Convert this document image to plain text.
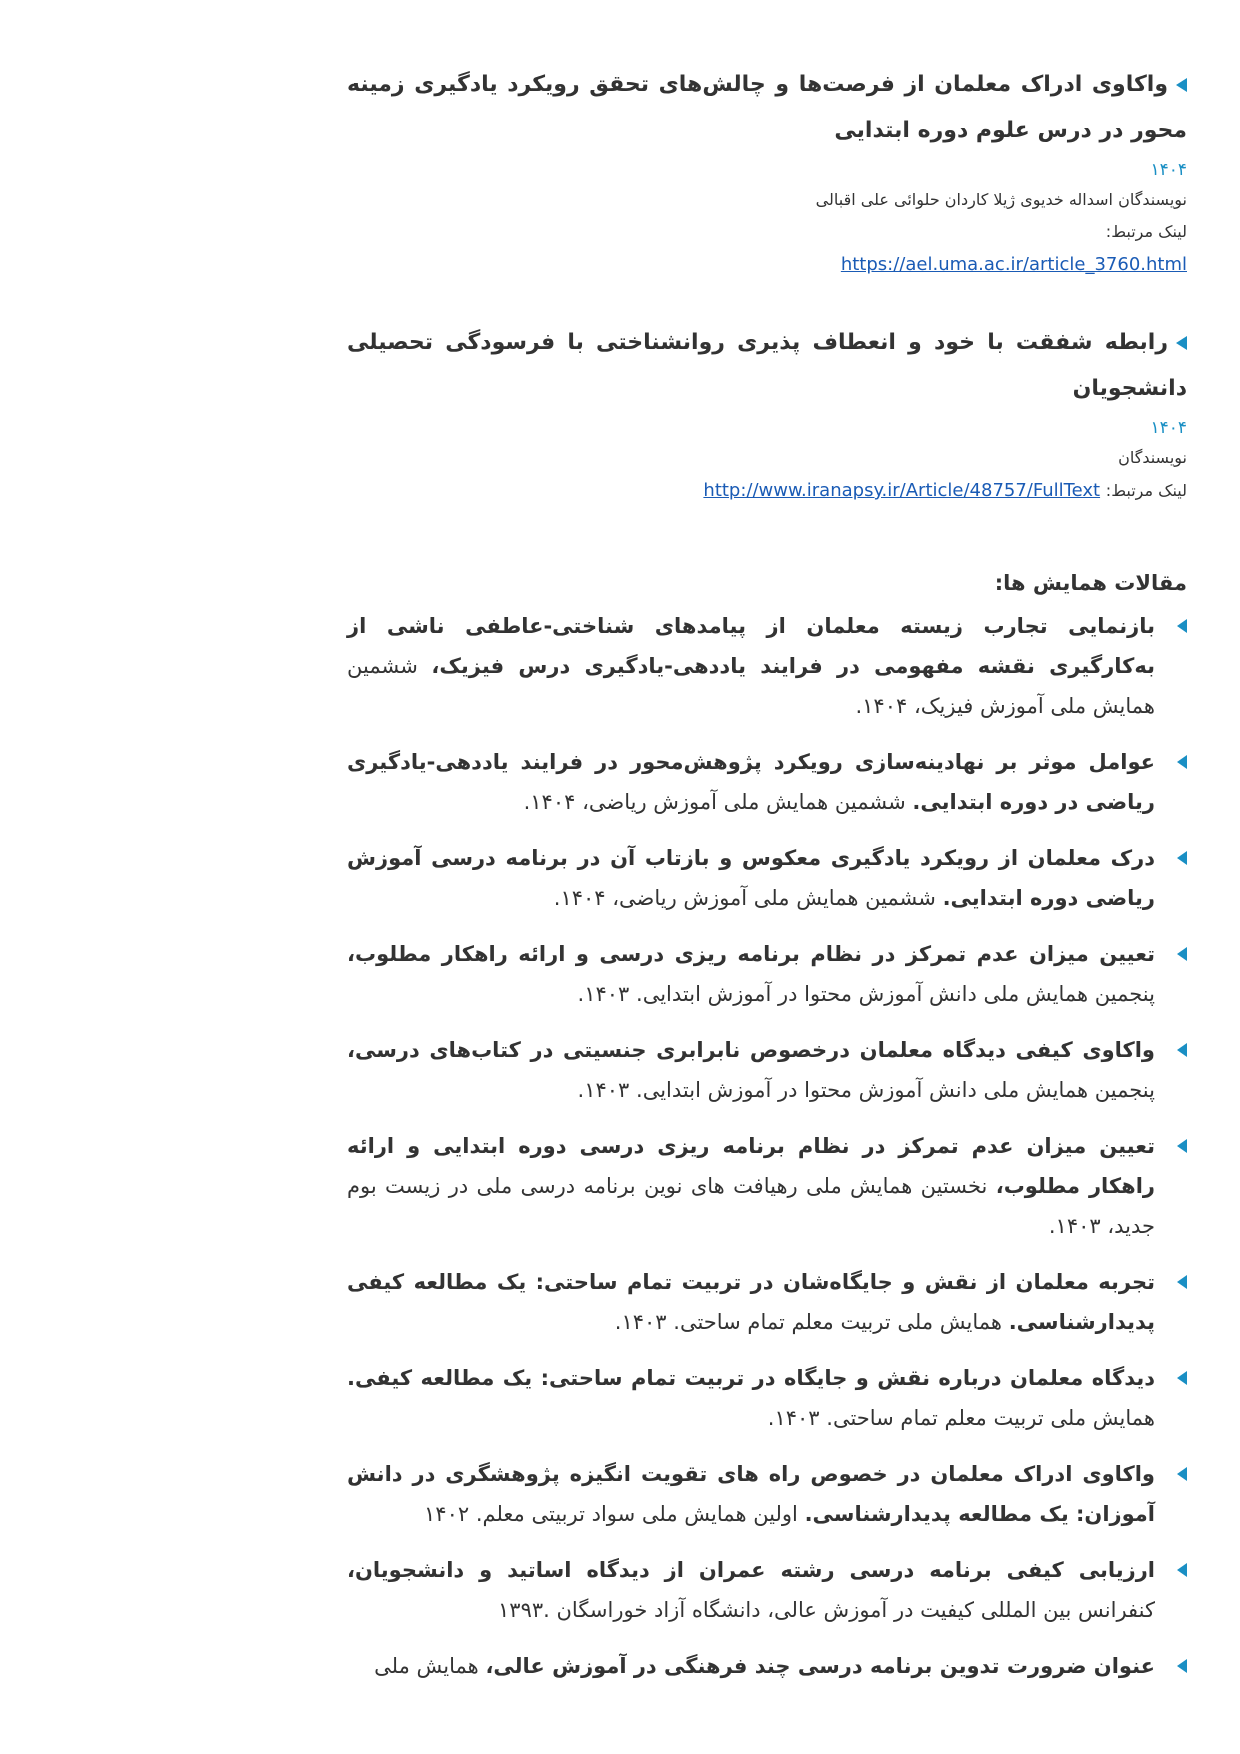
واکاوی ادراک معلمان از فرصت‌ها و چالش‌های تحقق رویکرد یادگیری زمینه محور در درس علوم دوره ابتدایی

۱۴۰۴
نویسندگان اسداله خدیوی ژیلا کاردان حلوائی علی اقبالی
لینک مرتبط:
https://ael.uma.ac.ir/article_3760.html

رابطه شفقت با خود و انعطاف پذیری روانشناختی با فرسودگی تحصیلی دانشجویان

۱۴۰۴
نویسندگان
لینک مرتبط: http://www.iranapsy.ir/Article/48757/FullText
مقالات همایش ها:
بازنمایی تجارب زیسته معلمان از پیامدهای شناختی-عاطفی ناشی از به‌کارگیری نقشه مفهومی در فرایند یاددهی-یادگیری درس فیزیک، ششمین همایش ملی آموزش فیزیک، ۱۴۰۴.
عوامل موثر بر نهادینه‌سازی رویکرد پژوهش‌محور در فرایند یاددهی-یادگیری ریاضی در دوره ابتدایی. ششمین همایش ملی آموزش ریاضی، ۱۴۰۴.
درک معلمان از رویکرد یادگیری معکوس و بازتاب آن در برنامه درسی آموزش ریاضی دوره ابتدایی. ششمین همایش ملی آموزش ریاضی، ۱۴۰۴.
تعیین میزان عدم تمرکز در نظام برنامه ریزی درسی و ارائه راهکار مطلوب، پنجمین همایش ملی دانش آموزش محتوا در آموزش ابتدایی. ۱۴۰۳.
واکاوی کیفی دیدگاه معلمان درخصوص نابرابری جنسیتی در کتاب‌های درسی، پنجمین همایش ملی دانش آموزش محتوا در آموزش ابتدایی. ۱۴۰۳.
تعیین میزان عدم تمرکز در نظام برنامه ریزی درسی دوره ابتدایی و ارائه راهکار مطلوب، نخستین همایش ملی رهیافت های نوین برنامه درسی ملی در زیست بوم جدید، ۱۴۰۳.
تجربه معلمان از نقش و جایگاه‌شان در تربیت تمام ساحتی: یک مطالعه کیفی پدیدارشناسی. همایش ملی تربیت معلم تمام ساحتی. ۱۴۰۳.
دیدگاه معلمان درباره نقش و جایگاه در تربیت تمام ساحتی: یک مطالعه کیفی. همایش ملی تربیت معلم تمام ساحتی. ۱۴۰۳.
واکاوی ادراک معلمان در خصوص راه های تقویت انگیزه پژوهشگری در دانش آموزان: یک مطالعه پدیدارشناسی. اولین همایش ملی سواد تربیتی معلم. ۱۴۰۲
ارزیابی کیفی برنامه درسی رشته عمران از دیدگاه اساتید و دانشجویان، کنفرانس بین المللی کیفیت در آموزش عالی، دانشگاه آزاد خوراسگان .۱۳۹۳
عنوان ضرورت تدوین برنامه درسی چند فرهنگی در آموزش عالی، همایش ملی
